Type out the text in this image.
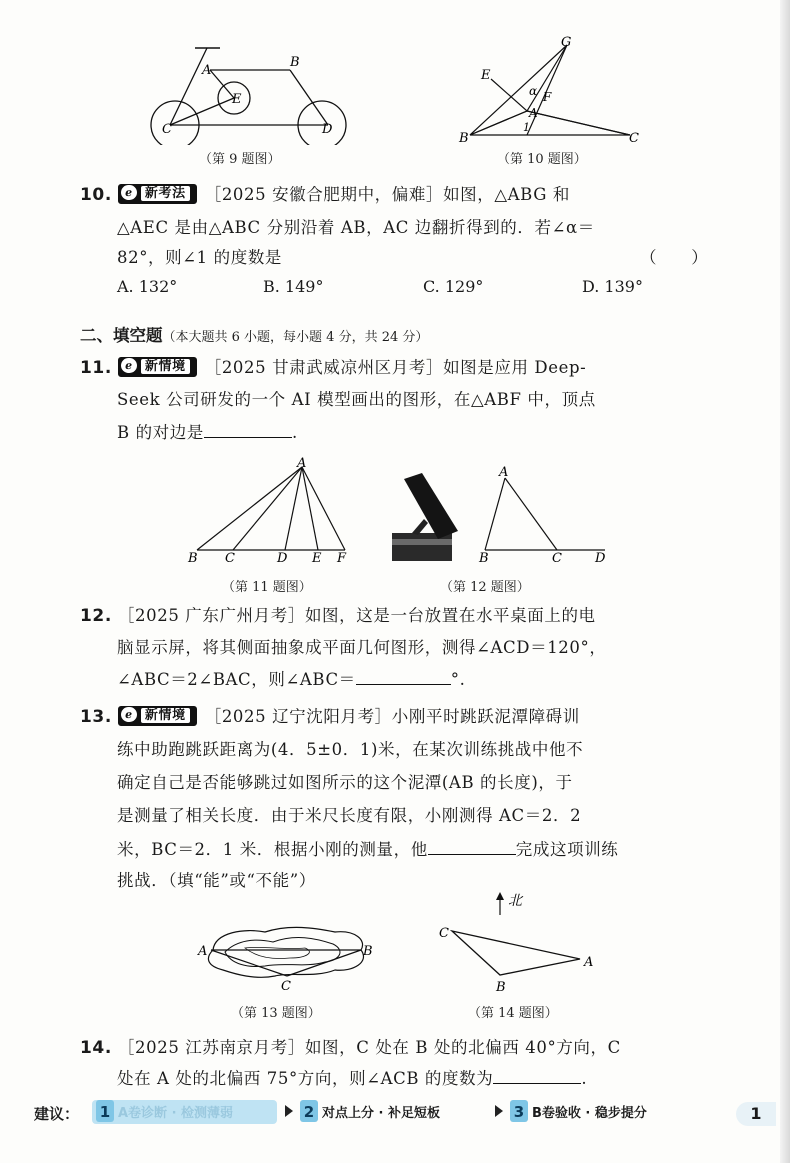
A
B
C	D
E
（第 9 题图）
G
E
α F
A
1
B	C
（第 10 题图）
10. ℯ 新考法 ［2025 安徽合肥期中，偏难］如图，△ABG 和
△AEC 是由△ABC 分别沿着 AB，AC 边翻折得到的．若∠α＝
82°，则∠1 的度数是	（　　）
A. 132°	B. 149°	C. 129°	D. 139°
二、填空题（本大题共 6 小题，每小题 4 分，共 24 分）
11. ℯ 新情境 ［2025 甘肃武威凉州区月考］如图是应用 Deep-
Seek 公司研发的一个 AI 模型画出的图形，在△ABF 中，顶点
B 的对边是	.
A
B C	D E F
（第 11 题图）
A
B	C	D
（第 12 题图）
12. ［2025 广东广州月考］如图，这是一台放置在水平桌面上的电
脑显示屏，将其侧面抽象成平面几何图形，测得∠ACD＝120°，
∠ABC＝2∠BAC，则∠ABC＝	°.
13. ℯ 新情境 ［2025 辽宁沈阳月考］小刚平时跳跃泥潭障碍训
练中助跑跳跃距离为(4．5±0．1)米，在某次训练挑战中他不
确定自己是否能够跳过如图所示的这个泥潭(AB 的长度)，于
是测量了相关长度．由于米尺长度有限，小刚测得 AC＝2．2
米，BC＝2．1 米．根据小刚的测量，他	完成这项训练
挑战．（填“能”或“不能”）
A	B
C
（第 13 题图）
北
C
A
B
（第 14 题图）
14. ［2025 江苏南京月考］如图，C 处在 B 处的北偏西 40°方向，C
处在 A 处的北偏西 75°方向，则∠ACB 的度数为	.
建议：	1 A卷诊断 · 检测薄弱	2 对点上分 · 补足短板	3 B卷验收 · 稳步提分	1
